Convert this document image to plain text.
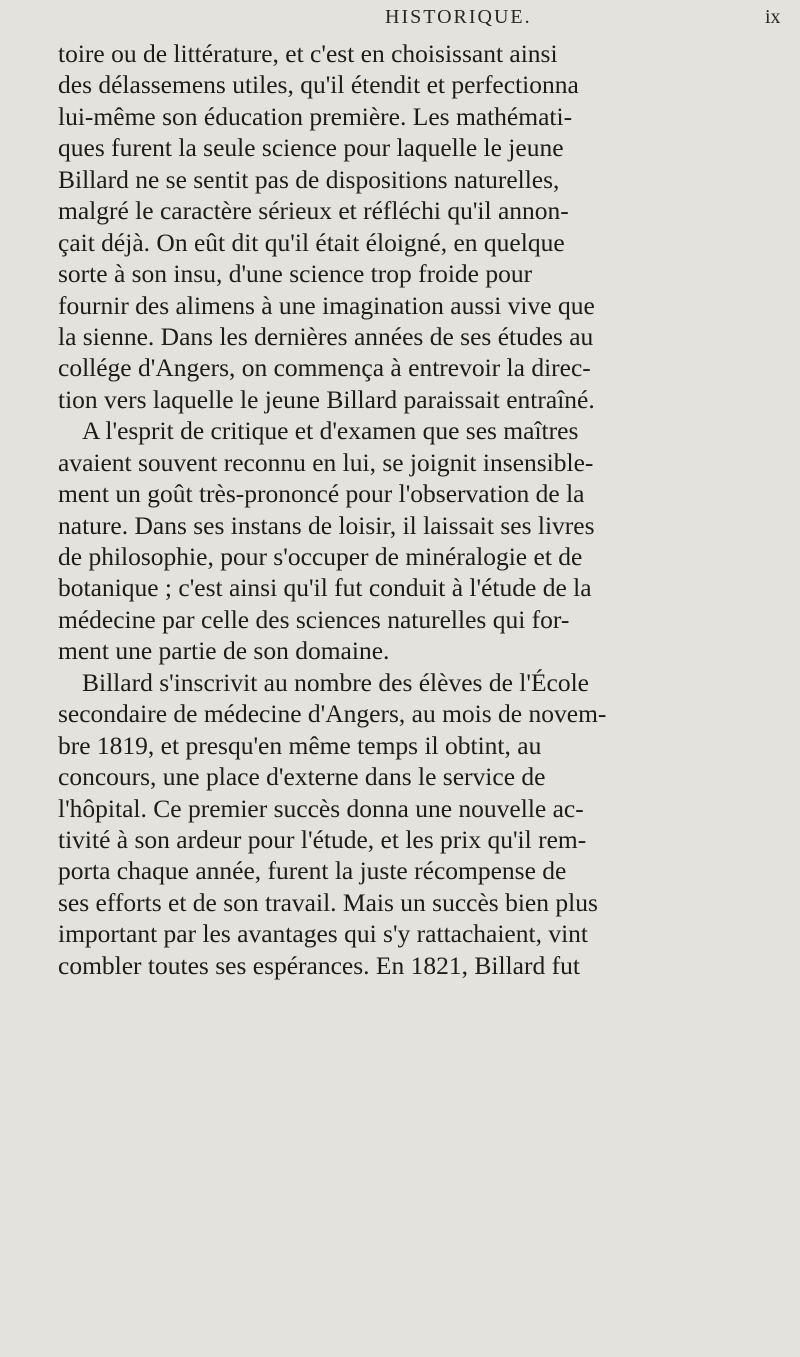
HISTORIQUE.	ix
toire ou de littérature, et c'est en choisissant ainsi
des délassemens utiles, qu'il étendit et perfectionna
lui-même son éducation première. Les mathémati-
ques furent la seule science pour laquelle le jeune
Billard ne se sentit pas de dispositions naturelles,
malgré le caractère sérieux et réfléchi qu'il annon-
çait déjà. On eût dit qu'il était éloigné, en quelque
sorte à son insu, d'une science trop froide pour
fournir des alimens à une imagination aussi vive que
la sienne. Dans les dernières années de ses études au
collége d'Angers, on commença à entrevoir la direc-
tion vers laquelle le jeune Billard paraissait entraîné.
A l'esprit de critique et d'examen que ses maîtres
avaient souvent reconnu en lui, se joignit insensible-
ment un goût très-prononcé pour l'observation de la
nature. Dans ses instans de loisir, il laissait ses livres
de philosophie, pour s'occuper de minéralogie et de
botanique ; c'est ainsi qu'il fut conduit à l'étude de la
médecine par celle des sciences naturelles qui for-
ment une partie de son domaine.
Billard s'inscrivit au nombre des élèves de l'École
secondaire de médecine d'Angers, au mois de novem-
bre 1819, et presqu'en même temps il obtint, au
concours, une place d'externe dans le service de
l'hôpital. Ce premier succès donna une nouvelle ac-
tivité à son ardeur pour l'étude, et les prix qu'il rem-
porta chaque année, furent la juste récompense de
ses efforts et de son travail. Mais un succès bien plus
important par les avantages qui s'y rattachaient, vint
combler toutes ses espérances. En 1821, Billard fut
